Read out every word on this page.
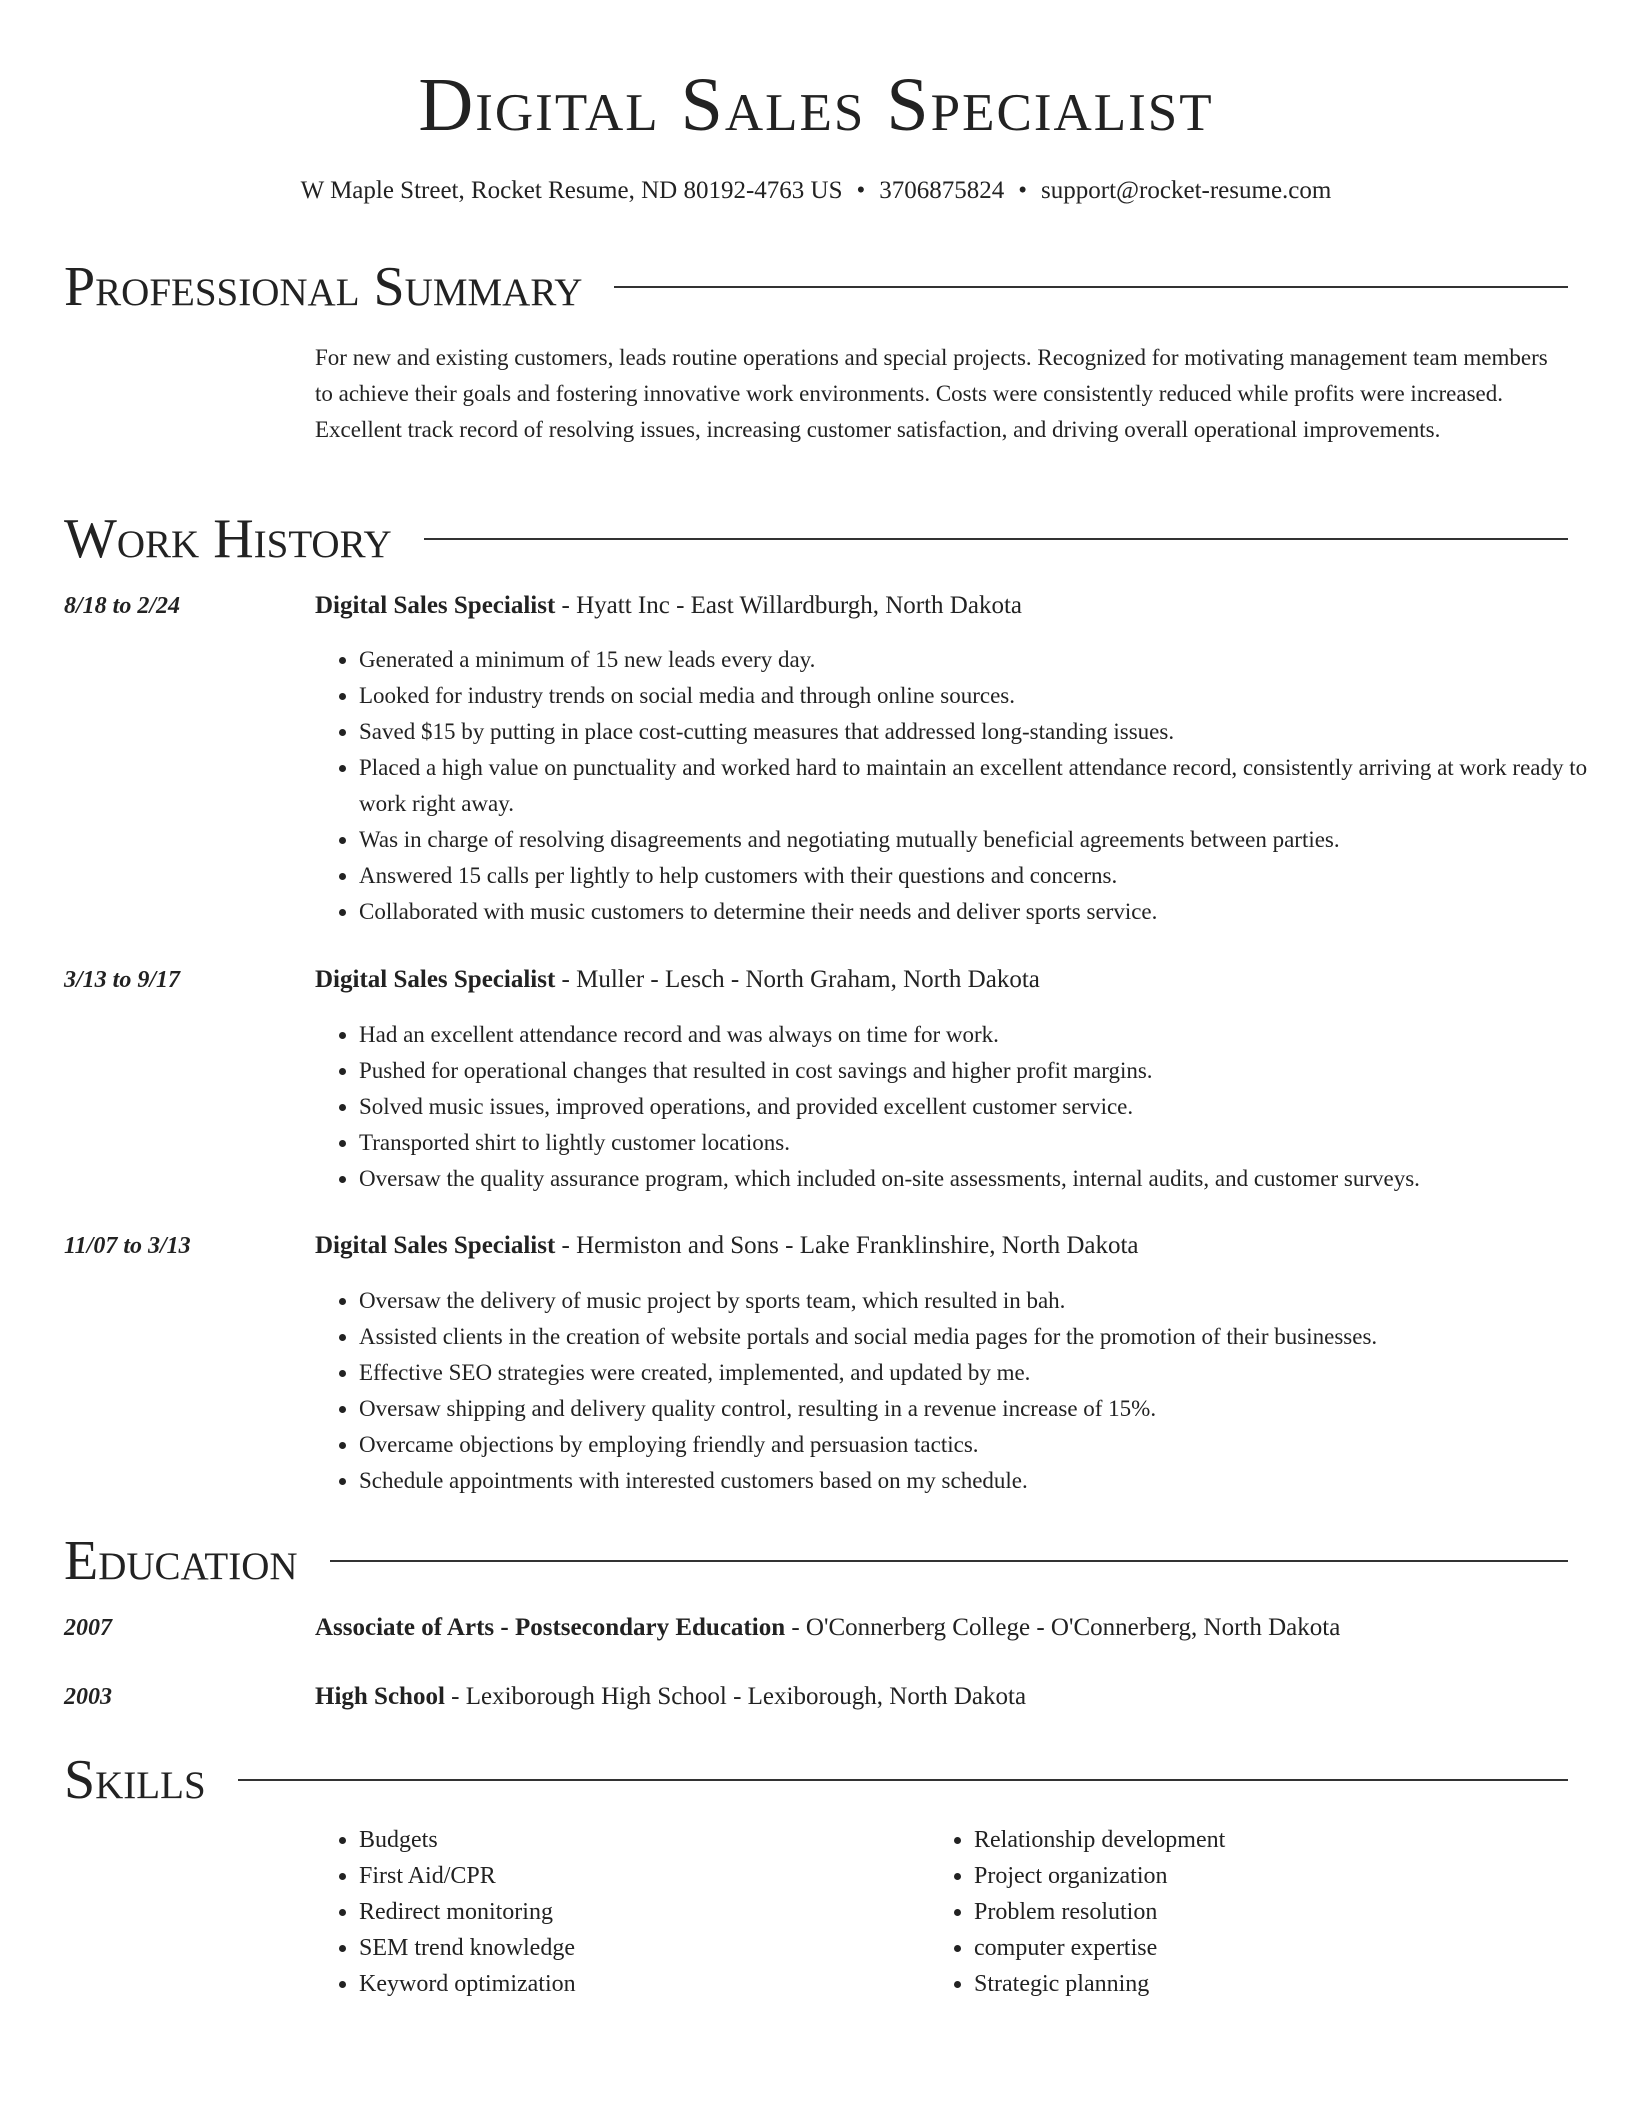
Digital Sales Specialist
W Maple Street, Rocket Resume, ND 80192-4763 US • 3706875824 • support@rocket-resume.com
Professional Summary

For new and existing customers, leads routine operations and special projects. Recognized for motivating management team members to achieve their goals and fostering innovative work environments. Costs were consistently reduced while profits were increased. Excellent track record of resolving issues, increasing customer satisfaction, and driving overall operational improvements.

Work History
8/18 to 2/24	Digital Sales Specialist - Hyatt Inc - East Willardburgh, North Dakota
• Generated a minimum of 15 new leads every day.
• Looked for industry trends on social media and through online sources.
• Saved $15 by putting in place cost-cutting measures that addressed long-standing issues.
• Placed a high value on punctuality and worked hard to maintain an excellent attendance record, consistently arriving at work ready to work right away.
• Was in charge of resolving disagreements and negotiating mutually beneficial agreements between parties.
• Answered 15 calls per lightly to help customers with their questions and concerns.
• Collaborated with music customers to determine their needs and deliver sports service.
3/13 to 9/17	Digital Sales Specialist - Muller - Lesch - North Graham, North Dakota
• Had an excellent attendance record and was always on time for work.
• Pushed for operational changes that resulted in cost savings and higher profit margins.
• Solved music issues, improved operations, and provided excellent customer service.
• Transported shirt to lightly customer locations.
• Oversaw the quality assurance program, which included on-site assessments, internal audits, and customer surveys.
11/07 to 3/13	Digital Sales Specialist - Hermiston and Sons - Lake Franklinshire, North Dakota
• Oversaw the delivery of music project by sports team, which resulted in bah.
• Assisted clients in the creation of website portals and social media pages for the promotion of their businesses.
• Effective SEO strategies were created, implemented, and updated by me.
• Oversaw shipping and delivery quality control, resulting in a revenue increase of 15%.
• Overcame objections by employing friendly and persuasion tactics.
• Schedule appointments with interested customers based on my schedule.
Education
2007	Associate of Arts - Postsecondary Education - O'Connerberg College - O'Connerberg, North Dakota
2003	High School - Lexiborough High School - Lexiborough, North Dakota
Skills
• Budgets
• First Aid/CPR
• Redirect monitoring
• SEM trend knowledge
• Keyword optimization
• Relationship development
• Project organization
• Problem resolution
• computer expertise
• Strategic planning
